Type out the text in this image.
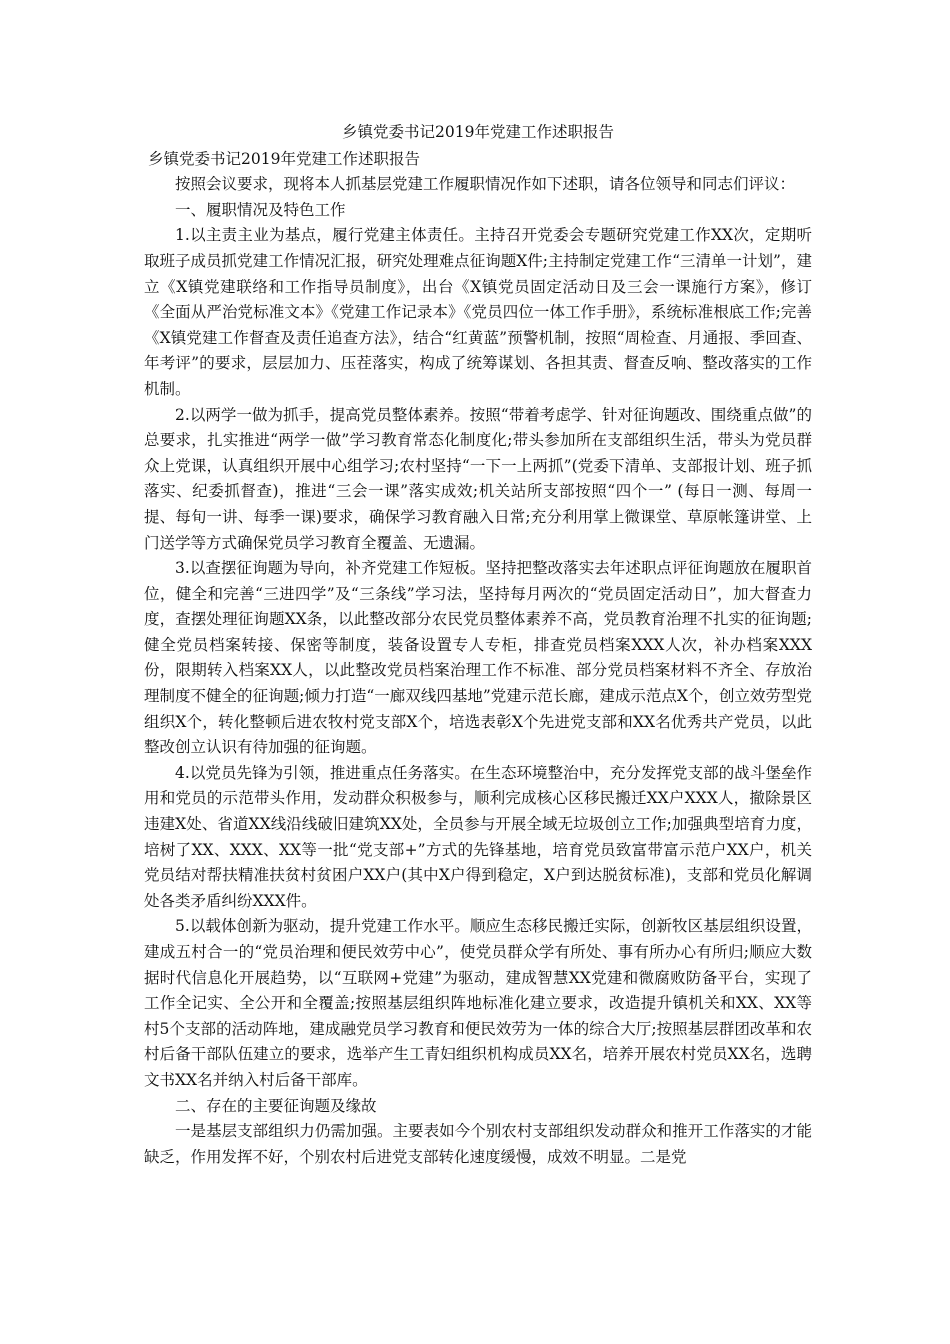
乡镇党委书记2019年党建工作述职报告

乡镇党委书记2019年党建工作述职报告

按照会议要求，现将本人抓基层党建工作履职情况作如下述职，请各位领导和同志们评议：

一、履职情况及特色工作

1.以主责主业为基点，履行党建主体责任。主持召开党委会专题研究党建工作XX次，定期听取班子成员抓党建工作情况汇报，研究处理难点征询题X件;主持制定党建工作“三清单一计划”，建立《X镇党建联络和工作指导员制度》，出台《X镇党员固定活动日及三会一课施行方案》，修订《全面从严治党标准文本》《党建工作记录本》《党员四位一体工作手册》，系统标准根底工作;完善《X镇党建工作督查及责任追查方法》，结合“红黄蓝”预警机制，按照“周检查、月通报、季回查、年考评”的要求，层层加力、压茬落实，构成了统筹谋划、各担其责、督查反响、整改落实的工作机制。

2.以两学一做为抓手，提高党员整体素养。按照“带着考虑学、针对征询题改、围绕重点做”的总要求，扎实推进“两学一做”学习教育常态化制度化;带头参加所在支部组织生活，带头为党员群众上党课，认真组织开展中心组学习;农村坚持“一下一上两抓”(党委下清单、支部报计划、班子抓落实、纪委抓督查)，推进“三会一课”落实成效;机关站所支部按照“四个一” (每日一测、每周一提、每旬一讲、每季一课)要求，确保学习教育融入日常;充分利用掌上微课堂、草原帐篷讲堂、上门送学等方式确保党员学习教育全覆盖、无遗漏。

3.以查摆征询题为导向，补齐党建工作短板。坚持把整改落实去年述职点评征询题放在履职首位，健全和完善“三进四学”及“三条线”学习法，坚持每月两次的“党员固定活动日”，加大督查力度，查摆处理征询题XX条，以此整改部分农民党员整体素养不高，党员教育治理不扎实的征询题;健全党员档案转接、保密等制度，装备设置专人专柜，排查党员档案XXX人次，补办档案XXX份，限期转入档案XX人，以此整改党员档案治理工作不标准、部分党员档案材料不齐全、存放治理制度不健全的征询题;倾力打造“一廊双线四基地”党建示范长廊，建成示范点X个，创立效劳型党组织X个，转化整顿后进农牧村党支部X个，培选表彰X个先进党支部和XX名优秀共产党员，以此整改创立认识有待加强的征询题。

4.以党员先锋为引领，推进重点任务落实。在生态环境整治中，充分发挥党支部的战斗堡垒作用和党员的示范带头作用，发动群众积极参与，顺利完成核心区移民搬迁XX户XXX人，撤除景区违建X处、省道XX线沿线破旧建筑XX处，全员参与开展全域无垃圾创立工作;加强典型培育力度，培树了XX、XXX、XX等一批“党支部+”方式的先锋基地，培育党员致富带富示范户XX户，机关党员结对帮扶精准扶贫村贫困户XX户(其中X户得到稳定，X户到达脱贫标准)，支部和党员化解调处各类矛盾纠纷XXX件。

5.以载体创新为驱动，提升党建工作水平。顺应生态移民搬迁实际，创新牧区基层组织设置，建成五村合一的“党员治理和便民效劳中心”，使党员群众学有所处、事有所办心有所归;顺应大数据时代信息化开展趋势，以“互联网+党建”为驱动，建成智慧XX党建和微腐败防备平台，实现了工作全记实、全公开和全覆盖;按照基层组织阵地标准化建立要求，改造提升镇机关和XX、XX等村5个支部的活动阵地，建成融党员学习教育和便民效劳为一体的综合大厅;按照基层群团改革和农村后备干部队伍建立的要求，选举产生工青妇组织机构成员XX名，培养开展农村党员XX名，选聘文书XX名并纳入村后备干部库。

二、存在的主要征询题及缘故

一是基层支部组织力仍需加强。主要表如今个别农村支部组织发动群众和推开工作落实的才能缺乏，作用发挥不好，个别农村后进党支部转化速度缓慢，成效不明显。二是党
